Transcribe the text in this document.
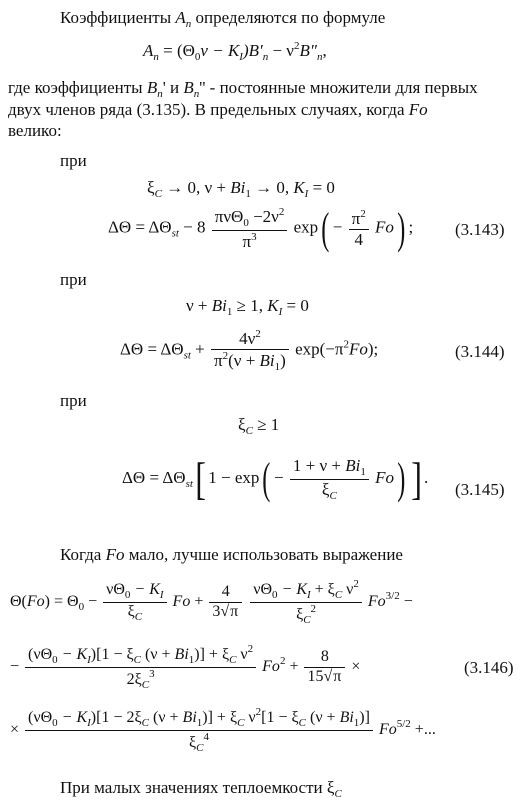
Коэффициенты $A_n$ определяются по формуле
$A_n = (\Theta_0\nu - K_I)B'_n - \nu^2B''_n$,
где коэффициенты $B_n'$ и $B_n''$ - постоянные множители для первых
двух членов ряда (3.135). В предельных случаях, когда Fo
велико:
при
$\xi_C \to 0$, $\nu + Bi_1 \to 0$, $K_I = 0$
$\Delta\Theta = \Delta\Theta_{st} - 8 \frac{\pi\nu\Theta_0 -2\nu^2}{\pi^3} \exp( - \frac{\pi^2}{4} Fo)$ ; (3.143)
при
$\nu + Bi_1 \ge 1$, $K_I = 0$
$\Delta\Theta = \Delta\Theta_{st} + \frac{4\nu^2}{\pi^2(\nu + Bi_1)} \exp(-\pi^2Fo)$;	(3.144)
при
$\xi_C \ge 1$
$\Delta\Theta = \Delta\Theta_{st}$[ $1 - \exp( - \frac{1 + \nu + Bi_1}{\xi_C} Fo)$ ] .
(3.145)
Когда Fo мало, лучше использовать выражение
$\Theta(Fo) = \Theta_0 - \frac{\nu\Theta_0 - K_I}{\xi_C}$ $Fo + \frac{4}{3√\pi}$
$\frac{\nu\Theta_0 - K_I + \xi_C \nu^2}{\xi_C^2} Fo^{3/2}$ −
− $\frac{(\nu\Theta_0 - K_I)[1 - \xi_C (\nu + Bi_1)] + \xi_C \nu^2}{2\xi_C^3} Fo^2 + \frac{8}{15√\pi}$ ×	(3.146)
× $\frac{(\nu\Theta_0 - K_I)[1 - 2\xi_C (\nu + Bi_1)] + \xi_C \nu^2[1 - \xi_C (\nu + Bi_1)]}{\xi_C^4} Fo^{5/2}$ +...
При малых значениях теплоемкости $\xi_C$
